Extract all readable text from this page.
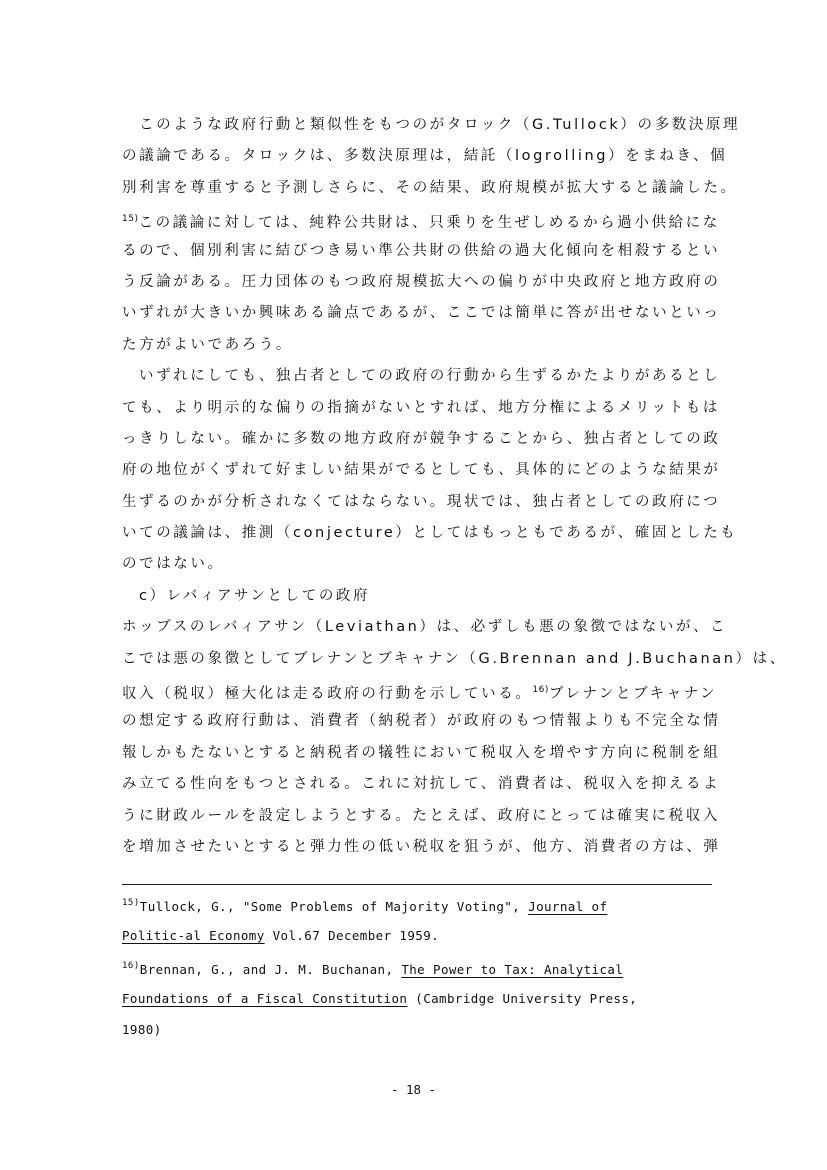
このような政府行動と類似性をもつのがタロック（G.Tullock）の多数決原理
の議論である。タロックは、多数決原理は，結託（logrolling）をまねき、個
別利害を尊重すると予測しさらに、その結果、政府規模が拡大すると議論した。
$^{15)}$この議論に対しては、純粋公共財は、只乗りを生ぜしめるから過小供給にな
るので、個別利害に結びつき易い準公共財の供給の過大化傾向を相殺するとい
う反論がある。圧力団体のもつ政府規模拡大への偏りが中央政府と地方政府の
いずれが大きいか興味ある論点であるが、ここでは簡単に答が出せないといっ
た方がよいであろう。
いずれにしても、独占者としての政府の行動から生ずるかたよりがあるとし
ても、より明示的な偏りの指摘がないとすれば、地方分権によるメリットもは
っきりしない。確かに多数の地方政府が競争することから、独占者としての政
府の地位がくずれて好ましい結果がでるとしても、具体的にどのような結果が
生ずるのかが分析されなくてはならない。現状では、独占者としての政府につ
いての議論は、推測（conjecture）としてはもっともであるが、確固としたも
のではない。
c）レバィアサンとしての政府
ホッブスのレバィアサン（Leviathan）は、必ずしも悪の象徴ではないが、こ
こでは悪の象徴としてブレナンとブキャナン（G.Brennan and J.Buchanan）は、
収入（税収）極大化は走る政府の行動を示している。$^{16)}$ブレナンとブキャナン
の想定する政府行動は、消費者（納税者）が政府のもつ情報よりも不完全な情
報しかもたないとすると納税者の犠牲において税収入を増やす方向に税制を組
み立てる性向をもつとされる。これに対抗して、消費者は、税収入を抑えるよ
うに財政ルールを設定しようとする。たとえば、政府にとっては確実に税収入
を増加させたいとすると弾力性の低い税収を狙うが、他方、消費者の方は、弾
$^{15)}$Tullock, G., "Some Problems of Majority Voting", Journal of
Politic-al Economy Vol.67 December 1959.
$^{16)}$Brennan, G., and J. M. Buchanan, The Power to Tax: Analytical
Foundations of a Fiscal Constitution (Cambridge University Press,
1980)
- 18 -
